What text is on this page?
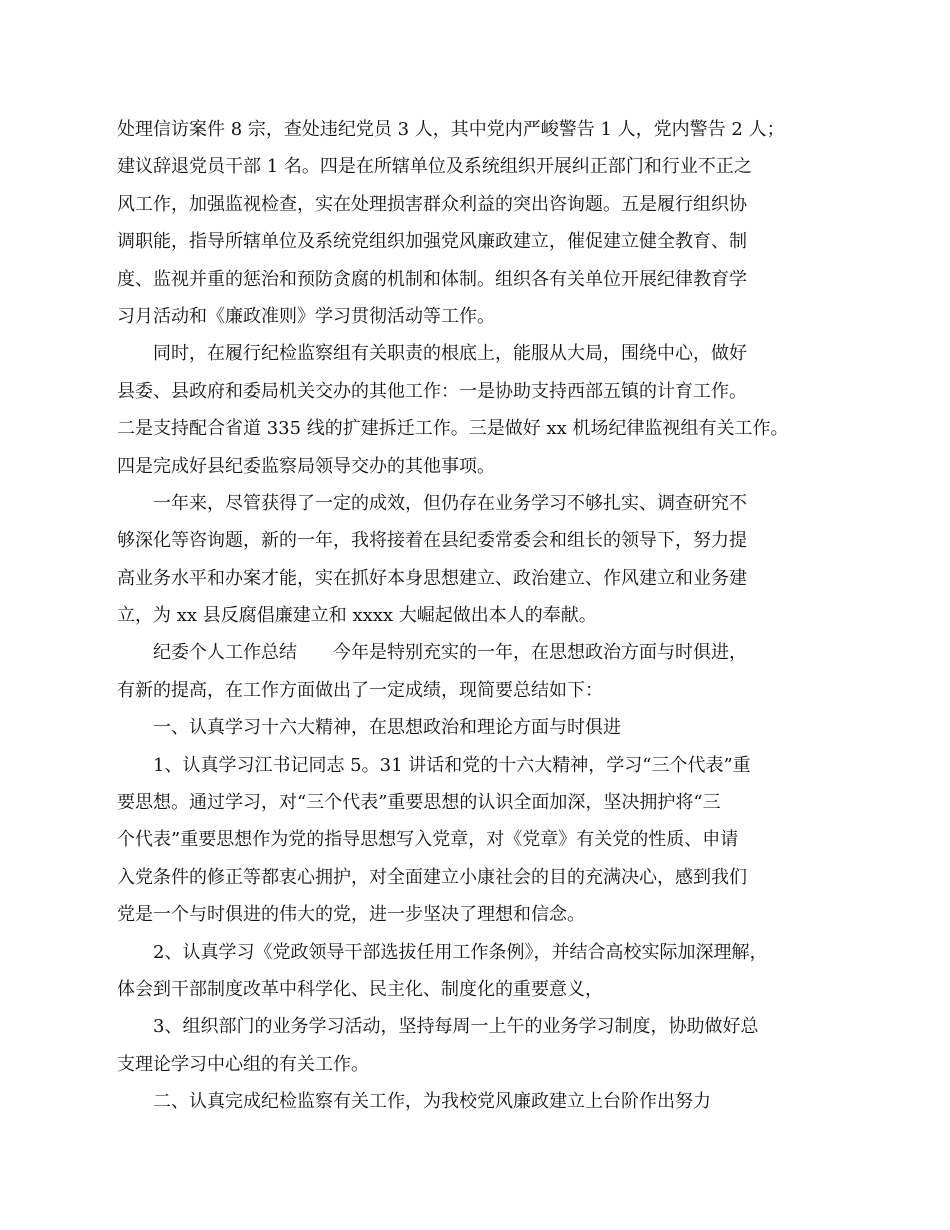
处理信访案件 8 宗，查处违纪党员 3 人，其中党内严峻警告 1 人，党内警告 2 人；
建议辞退党员干部 1 名。四是在所辖单位及系统组织开展纠正部门和行业不正之
风工作，加强监视检查，实在处理损害群众利益的突出咨询题。五是履行组织协
调职能，指导所辖单位及系统党组织加强党风廉政建立，催促建立健全教育、制
度、监视并重的惩治和预防贪腐的机制和体制。组织各有关单位开展纪律教育学
习月活动和《廉政准则》学习贯彻活动等工作。
同时，在履行纪检监察组有关职责的根底上，能服从大局，围绕中心，做好
县委、县政府和委局机关交办的其他工作：一是协助支持西部五镇的计育工作。
二是支持配合省道 335 线的扩建拆迁工作。三是做好 xx 机场纪律监视组有关工作。
四是完成好县纪委监察局领导交办的其他事项。
一年来，尽管获得了一定的成效，但仍存在业务学习不够扎实、调查研究不
够深化等咨询题，新的一年，我将接着在县纪委常委会和组长的领导下，努力提
高业务水平和办案才能，实在抓好本身思想建立、政治建立、作风建立和业务建
立，为 xx 县反腐倡廉建立和 xxxx 大崛起做出本人的奉献。
纪委个人工作总结 今年是特别充实的一年，在思想政治方面与时俱进，
有新的提高，在工作方面做出了一定成绩，现简要总结如下：
一、认真学习十六大精神，在思想政治和理论方面与时俱进
1、认真学习江书记同志 5。31 讲话和党的十六大精神，学习“三个代表”重
要思想。通过学习，对“三个代表”重要思想的认识全面加深，坚决拥护将“三
个代表”重要思想作为党的指导思想写入党章，对《党章》有关党的性质、申请
入党条件的修正等都衷心拥护，对全面建立小康社会的目的充满决心，感到我们
党是一个与时俱进的伟大的党，进一步坚决了理想和信念。
2、认真学习《党政领导干部选拔任用工作条例》，并结合高校实际加深理解，
体会到干部制度改革中科学化、民主化、制度化的重要意义，
3、组织部门的业务学习活动，坚持每周一上午的业务学习制度，协助做好总
支理论学习中心组的有关工作。
二、认真完成纪检监察有关工作，为我校党风廉政建立上台阶作出努力
